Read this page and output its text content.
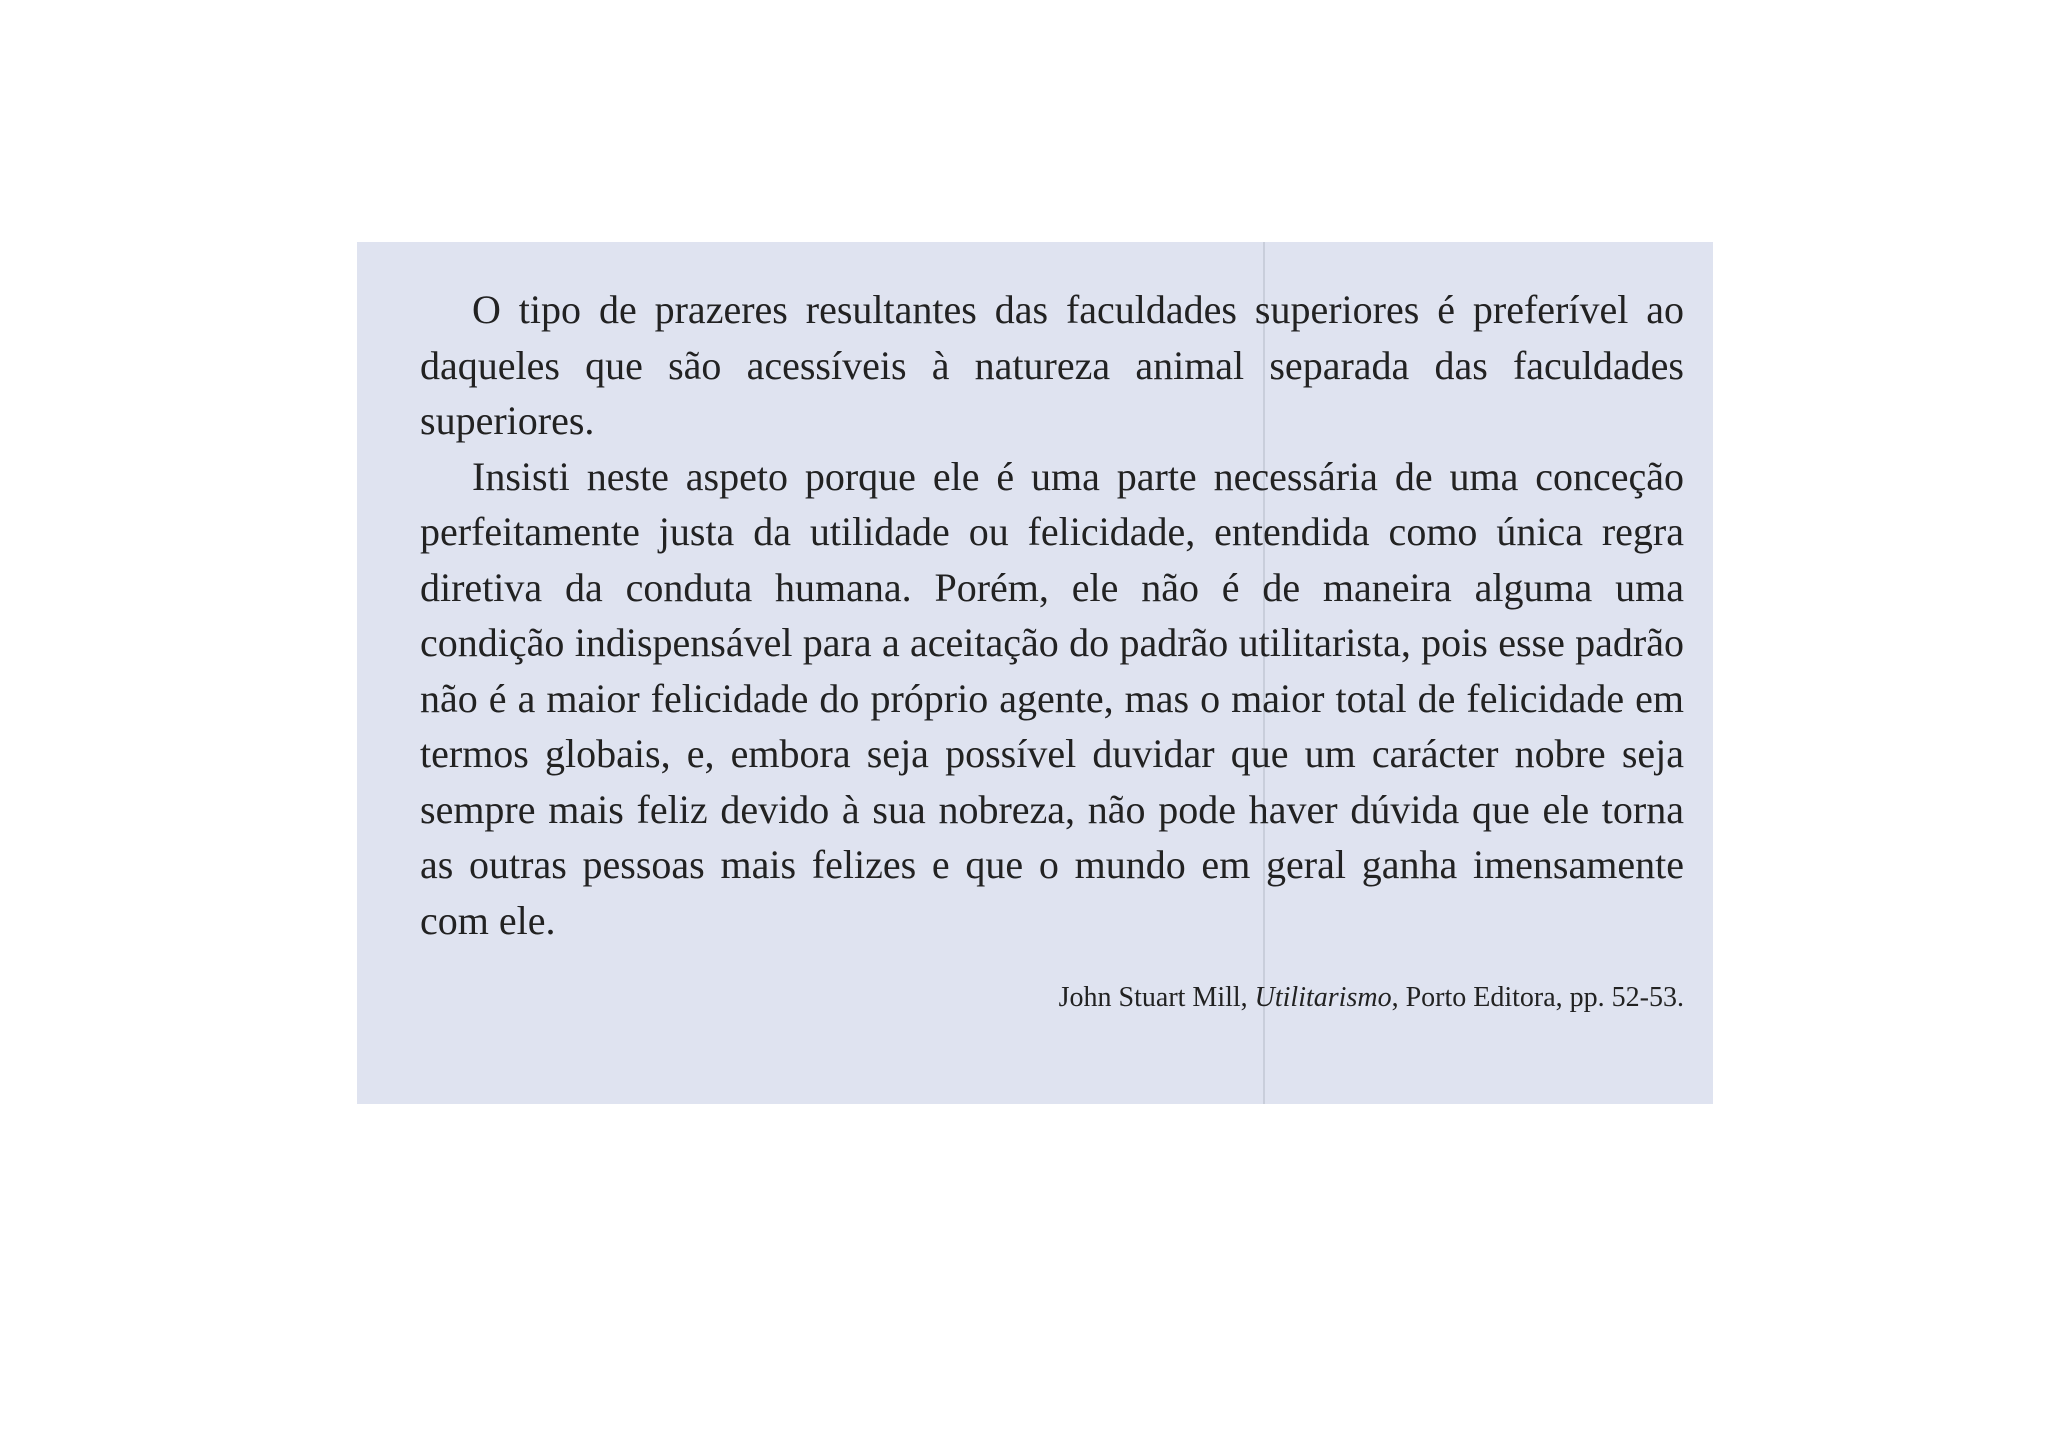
O tipo de prazeres resultantes das faculdades superiores é preferível ao daqueles que são acessíveis à natureza animal separada das faculdades superiores.

Insisti neste aspeto porque ele é uma parte necessária de uma conceção perfeitamente justa da utilidade ou felicidade, entendida como única regra diretiva da conduta humana. Porém, ele não é de maneira alguma uma condição indispensável para a aceitação do padrão utilitarista, pois esse padrão não é a maior felicidade do próprio agente, mas o maior total de felicidade em termos globais, e, embora seja possível duvidar que um carácter nobre seja sempre mais feliz devido à sua nobreza, não pode haver dúvida que ele torna as outras pessoas mais felizes e que o mundo em geral ganha imensamente com ele.

John Stuart Mill, Utilitarismo, Porto Editora, pp. 52-53.
